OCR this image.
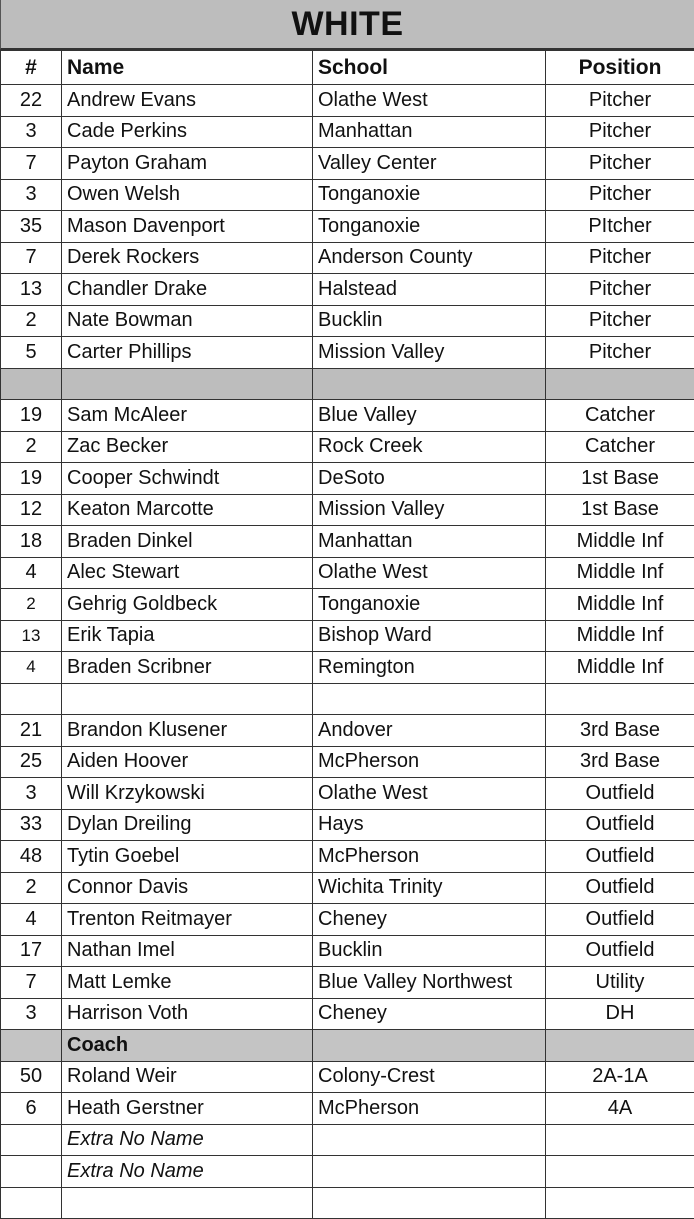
WHITE
#	Name	School	Position
22	Andrew Evans	Olathe West	Pitcher
3	Cade Perkins	Manhattan	Pitcher
7	Payton Graham	Valley Center	Pitcher
3	Owen Welsh	Tonganoxie	Pitcher
35	Mason Davenport	Tonganoxie	PItcher
7	Derek Rockers	Anderson County	Pitcher
13	Chandler Drake	Halstead	Pitcher
2	Nate Bowman	Bucklin	Pitcher
5	Carter Phillips	Mission Valley	Pitcher

19	Sam McAleer	Blue Valley	Catcher
2	Zac Becker	Rock Creek	Catcher
19	Cooper Schwindt	DeSoto	1st Base
12	Keaton Marcotte	Mission Valley	1st Base
18	Braden Dinkel	Manhattan	Middle Inf
4	Alec Stewart	Olathe West	Middle Inf
2	Gehrig Goldbeck	Tonganoxie	Middle Inf
13	Erik Tapia	Bishop Ward	Middle Inf
4	Braden Scribner	Remington	Middle Inf

21	Brandon Klusener	Andover	3rd Base
25	Aiden Hoover	McPherson	3rd Base
3	Will Krzykowski	Olathe West	Outfield
33	Dylan Dreiling	Hays	Outfield
48	Tytin Goebel	McPherson	Outfield
2	Connor Davis	Wichita Trinity	Outfield
4	Trenton Reitmayer	Cheney	Outfield
17	Nathan Imel	Bucklin	Outfield
7	Matt Lemke	Blue Valley Northwest	Utility
3	Harrison Voth	Cheney	DH
	Coach		
50	Roland Weir	Colony-Crest	2A-1A
6	Heath Gerstner	McPherson	4A
	Extra No Name		
	Extra No Name		
